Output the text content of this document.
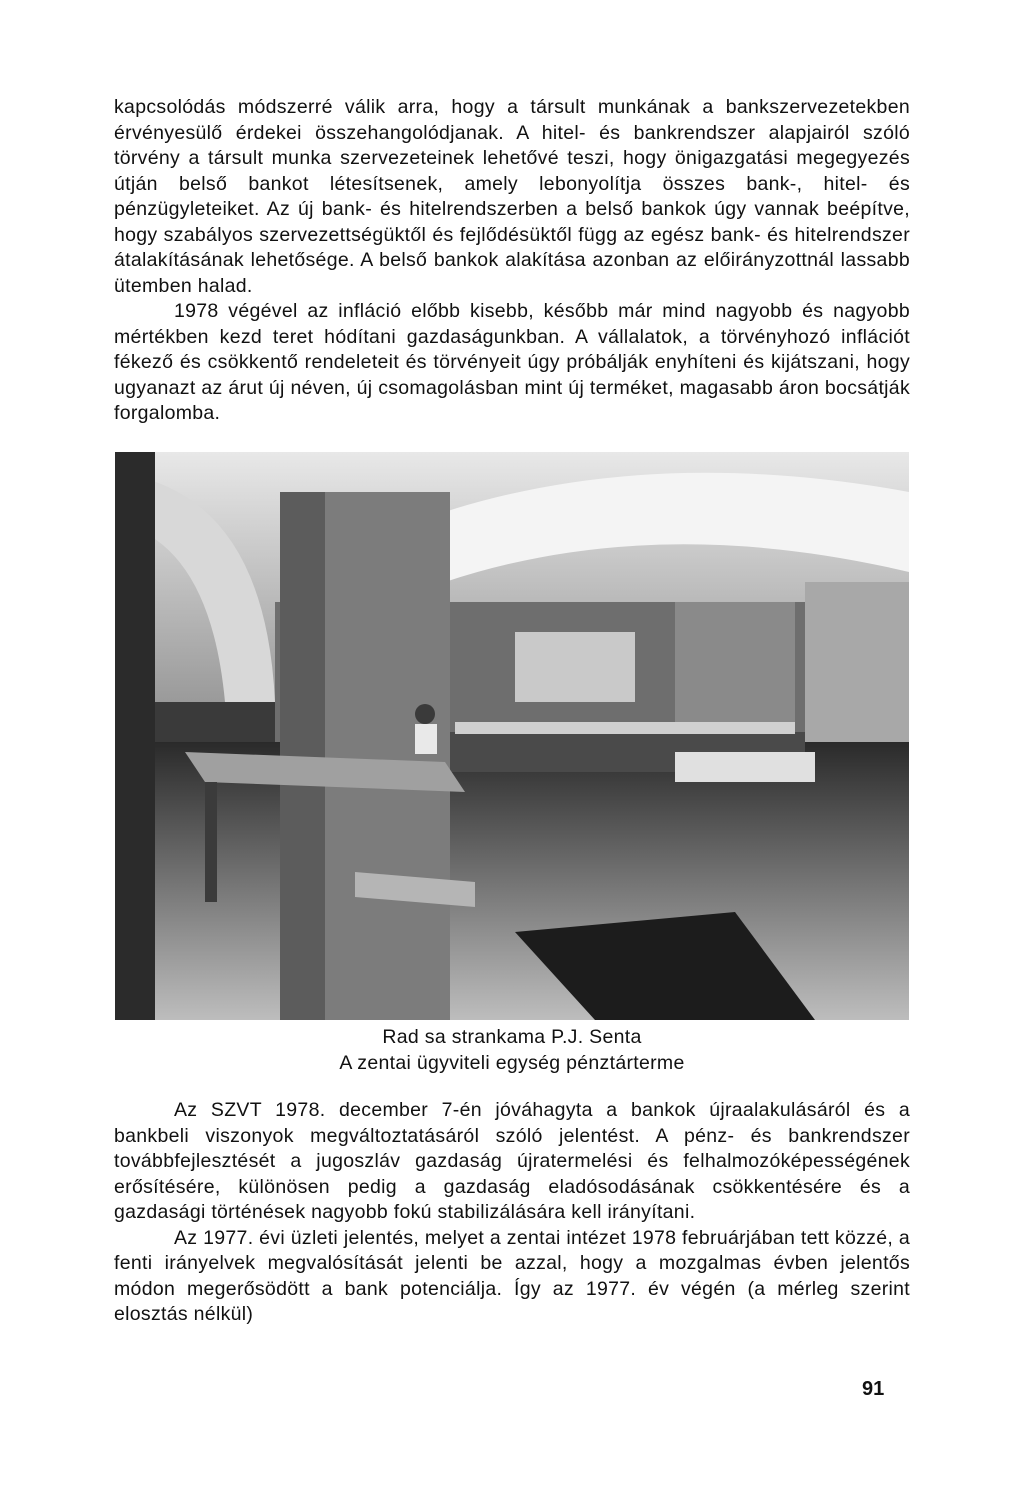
kapcsolódás módszerré válik arra, hogy a társult munkának a bankszervezetekben érvényesülő érdekei összehangolódjanak. A hitel- és bankrendszer alapjairól szóló törvény a társult munka szervezeteinek lehetővé teszi, hogy önigazgatási megegyezés útján belső bankot létesítsenek, amely lebonyolítja összes bank-, hitel- és pénzügyleteiket. Az új bank- és hitelrendszerben a belső bankok úgy vannak beépítve, hogy szabályos szervezettségüktől és fejlődésüktől függ az egész bank- és hitelrendszer átalakításának lehetősége. A belső bankok alakítása azonban az előirányzottnál lassabb ütemben halad.

1978 végével az infláció előbb kisebb, később már mind nagyobb és nagyobb mértékben kezd teret hódítani gazdaságunkban. A vállalatok, a törvényhozó inflációt fékező és csökkentő rendeleteit és törvényeit úgy próbálják enyhíteni és kijátszani, hogy ugyanazt az árut új néven, új csomagolásban mint új terméket, magasabb áron bocsátják forgalomba.

Rad sa strankama P.J. Senta

A zentai ügyviteli egység pénztárterme

Az SZVT 1978. december 7-én jóváhagyta a bankok újraalakulásáról és a bankbeli viszonyok megváltoztatásáról szóló jelentést. A pénz- és bankrendszer továbbfejlesztését a jugoszláv gazdaság újratermelési és felhalmozóképességének erősítésére, különösen pedig a gazdaság eladósodásának csökkentésére és a gazdasági történések nagyobb fokú stabilizálására kell irányítani.

Az 1977. évi üzleti jelentés, melyet a zentai intézet 1978 februárjában tett közzé, a fenti irányelvek megvalósítását jelenti be azzal, hogy a mozgalmas évben jelentős módon megerősödött a bank potenciálja. Így az 1977. év végén (a mérleg szerint elosztás nélkül)

91
